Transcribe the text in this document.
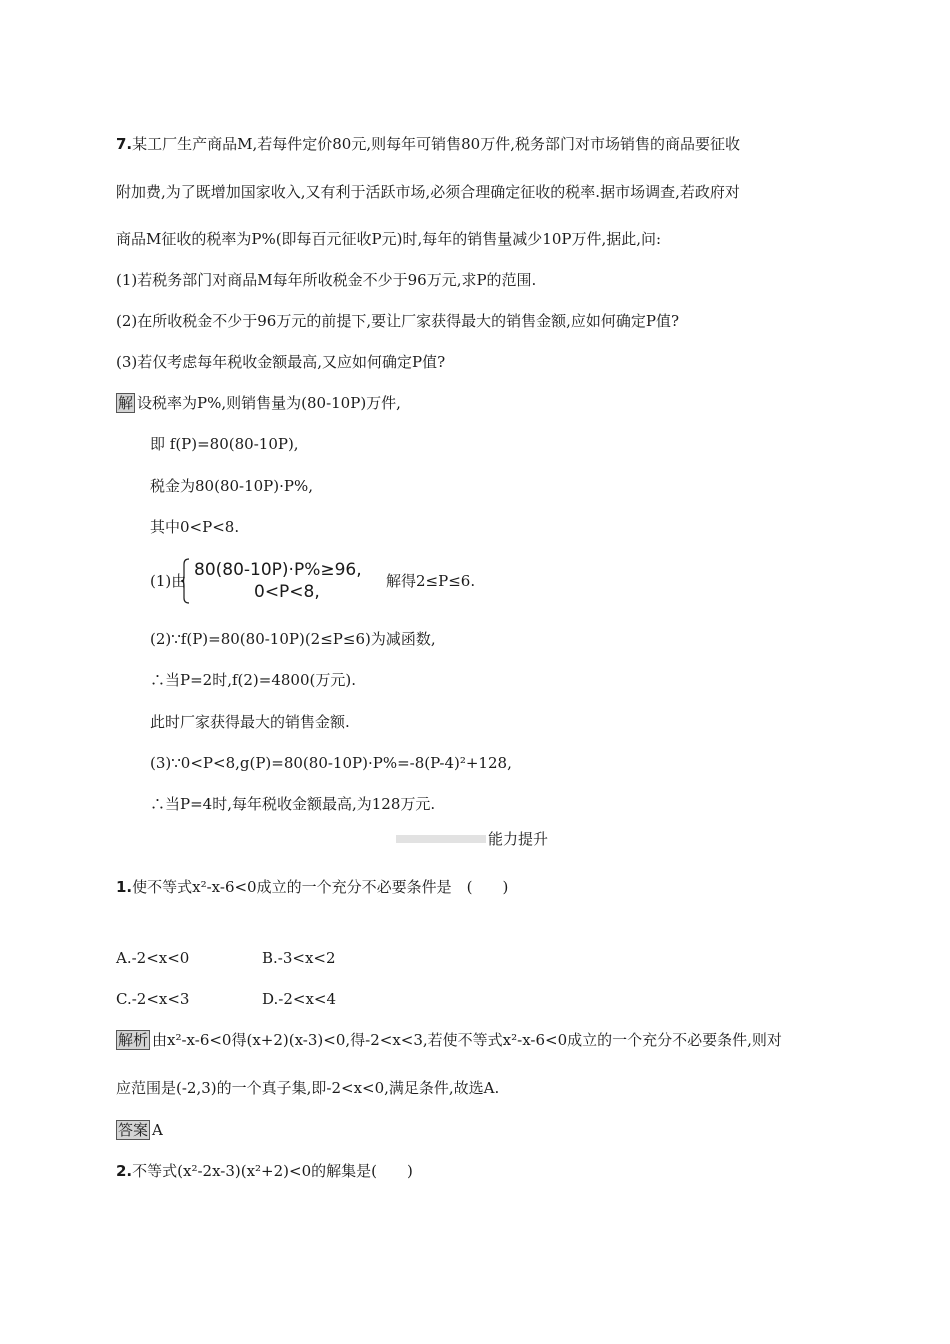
7.某工厂生产商品M,若每件定价80元,则每年可销售80万件,税务部门对市场销售的商品要征收
附加费,为了既增加国家收入,又有利于活跃市场,必须合理确定征收的税率.据市场调查,若政府对
商品M征收的税率为P%(即每百元征收P元)时,每年的销售量减少10P万件,据此,问:
(1)若税务部门对商品M每年所收税金不少于96万元,求P的范围.
(2)在所收税金不少于96万元的前提下,要让厂家获得最大的销售金额,应如何确定P值?
(3)若仅考虑每年税收金额最高,又应如何确定P值?
解 设税率为P%,则销售量为(80-10P)万件,
即 f(P)=80(80-10P),
税金为80(80-10P)·P%,
其中0<P<8.
(1)由
80(80-10P)·P%≥96,
0<P<8,
解得2≤P≤6.
(2)∵f(P)=80(80-10P)(2≤P≤6)为减函数,
∴当P=2时,f(2)=4800(万元).
此时厂家获得最大的销售金额.
(3)∵0<P<8,g(P)=80(80-10P)·P%=-8(P-4)²+128,
∴当P=4时,每年税收金额最高,为128万元.
能力提升
1.使不等式x²-x-6<0成立的一个充分不必要条件是　(　　)
A.-2<x<0	B.-3<x<2
C.-2<x<3	D.-2<x<4
解析 由x²-x-6<0得(x+2)(x-3)<0,得-2<x<3,若使不等式x²-x-6<0成立的一个充分不必要条件,则对
应范围是(-2,3)的一个真子集,即-2<x<0,满足条件,故选A.
答案 A
2.不等式(x²-2x-3)(x²+2)<0的解集是(　　)
